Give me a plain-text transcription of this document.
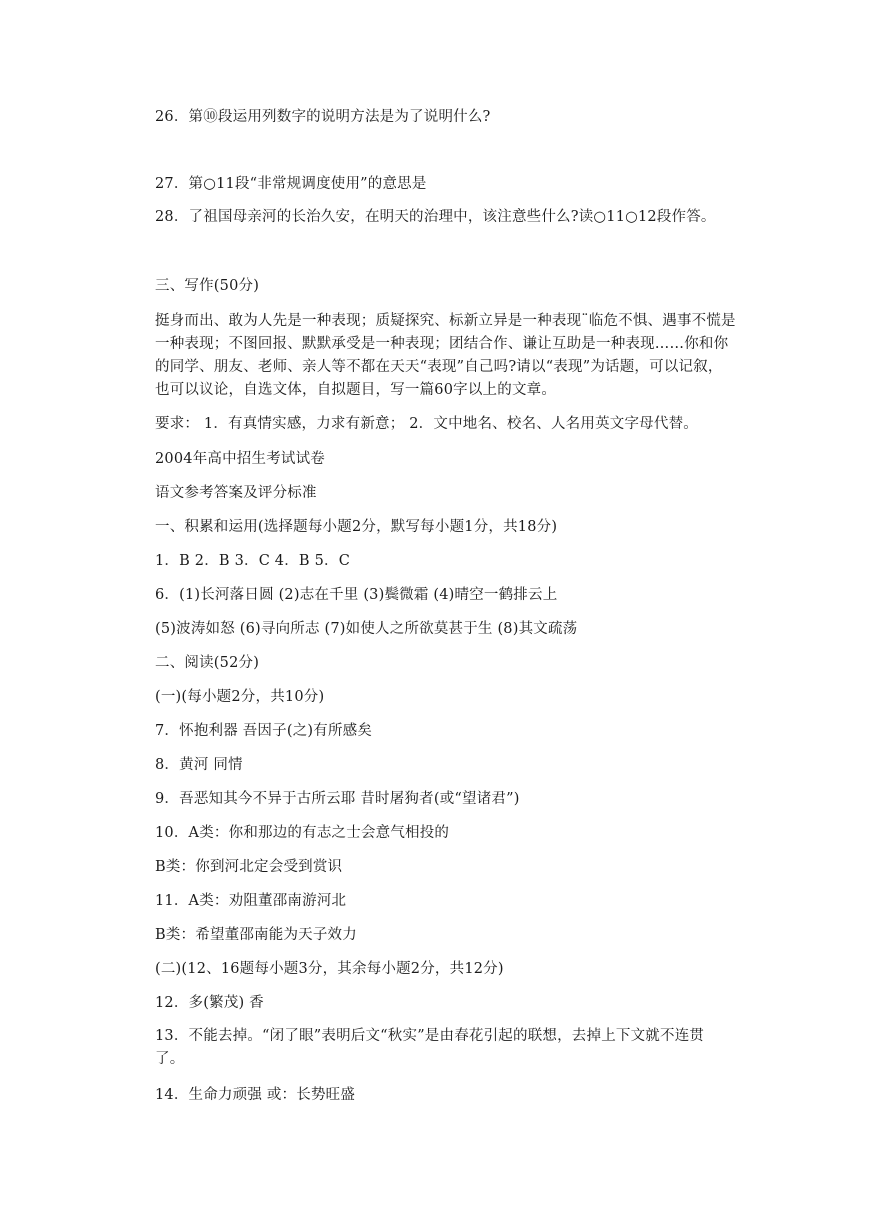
26．第⑩段运用列数字的说明方法是为了说明什么?
27．第○11段“非常规调度使用”的意思是
28．了祖国母亲河的长治久安，在明天的治理中，该注意些什么?读○11○12段作答。
三、写作(50分)
挺身而出、敢为人先是一种表现；质疑探究、标新立异是一种表现¨临危不惧、遇事不慌是一种表现；不图回报、默默承受是一种表现；团结合作、谦让互助是一种表现……你和你的同学、朋友、老师、亲人等不都在天天“表现”自己吗?请以“表现”为话题，可以记叙，也可以议论，自选文体，自拟题目，写一篇60字以上的文章。
要求： 1．有真情实感，力求有新意； 2．文中地名、校名、人名用英文字母代替。
2004年高中招生考试试卷
语文参考答案及评分标准
一、积累和运用(选择题每小题2分，默写每小题1分，共18分)
1．B 2．B 3．C 4．B 5．C
6．(1)长河落日圆 (2)志在千里 (3)鬓微霜 (4)晴空一鹤排云上
(5)波涛如怒 (6)寻向所志 (7)如使人之所欲莫甚于生 (8)其文疏荡
二、阅读(52分)
(一)(每小题2分，共10分)
7．怀抱利器 吾因子(之)有所感矣
8．黄河 同情
9．吾恶知其今不异于古所云耶 昔时屠狗者(或“望诸君”)
10．A类：你和那边的有志之士会意气相投的
B类：你到河北定会受到赏识
11．A类：劝阻董邵南游河北
B类：希望董邵南能为天子效力
(二)(12、16题每小题3分，其余每小题2分，共12分)
12．多(繁茂) 香
13．不能去掉。“闭了眼”表明后文“秋实”是由春花引起的联想，去掉上下文就不连贯 了。
14．生命力顽强 或：长势旺盛
